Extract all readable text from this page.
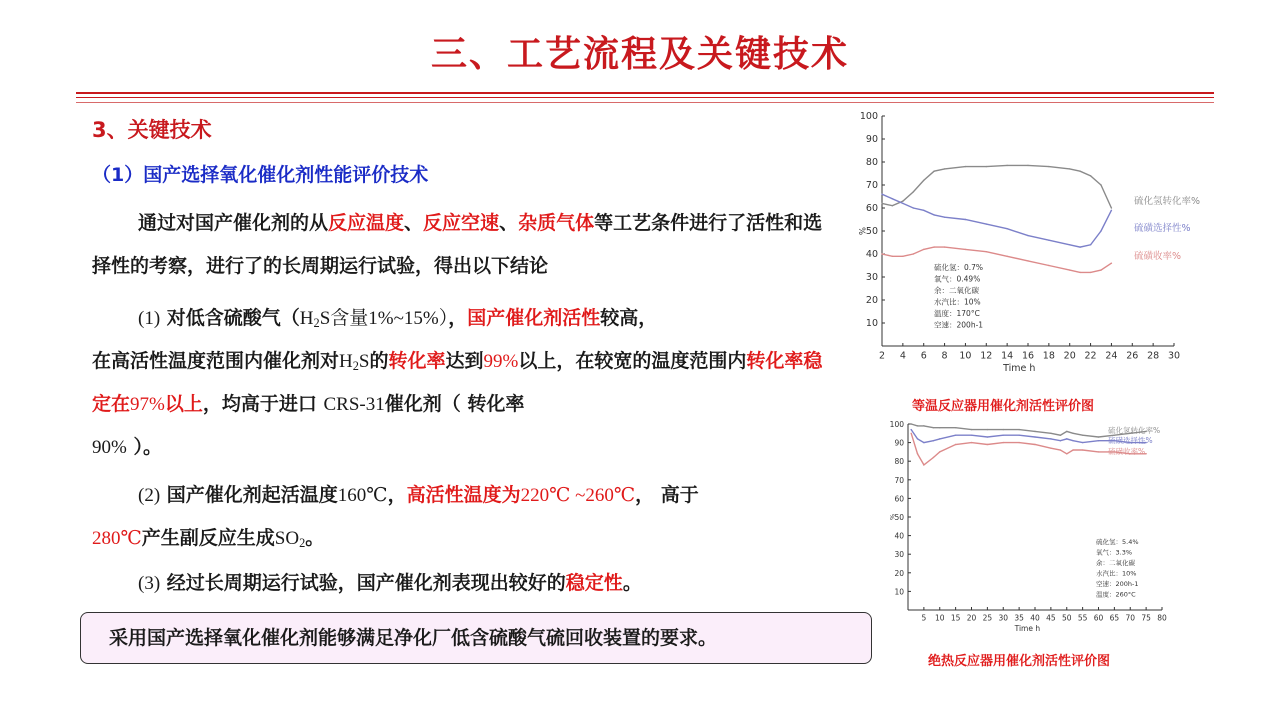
三、工艺流程及关键技术
3、关键技术
（1）国产选择氧化催化剂性能评价技术
通过对国产催化剂的从反应温度、反应空速、杂质气体等工艺条件进行了活性和选择性的考察，进行了的长周期运行试验，得出以下结论
(1) 对低含硫酸气（$H_2S$含量1%~15%），国产催化剂活性较高，
在高活性温度范围内催化剂对$H_2S$的转化率达到99%以上，在较宽的温度范围内转化率稳定在97%以上，均高于进口 CRS-31催化剂（ 转化率
90% ）。
(2) 国产催化剂起活温度160℃，高活性温度为220℃ ~260℃， 高于
280℃产生副反应生成$SO_2$。
(3) 经过长周期运行试验，国产催化剂表现出较好的稳定性。
采用国产选择氧化催化剂能够满足净化厂低含硫酸气硫回收装置的要求。
10
20
30
40
50
60
70
80
90
100
2 4 6 8 10 12 14 16 18 20 22 24 26 28 30
Time h
%
硫化氢转化率%
硫磺选择性%
硫磺收率%
硫化氢：0.7%
氧气：0.49%
余：二氧化碳
水汽比：10%
温度：170°C
空速：200h-1
等温反应器用催化剂活性评价图
10
20
30
40
50
60
70
80
90
100
5 10 15 20 25 30 35 40 45 50 55 60 65 70 75 80
Time h
%
硫化氢转化率%
硫磺选择性%
硫磺收率%
硫化氢：5.4%
氧气：3.3%
余：二氧化碳
水汽比：10%
空速：200h-1
温度：260°C
绝热反应器用催化剂活性评价图
